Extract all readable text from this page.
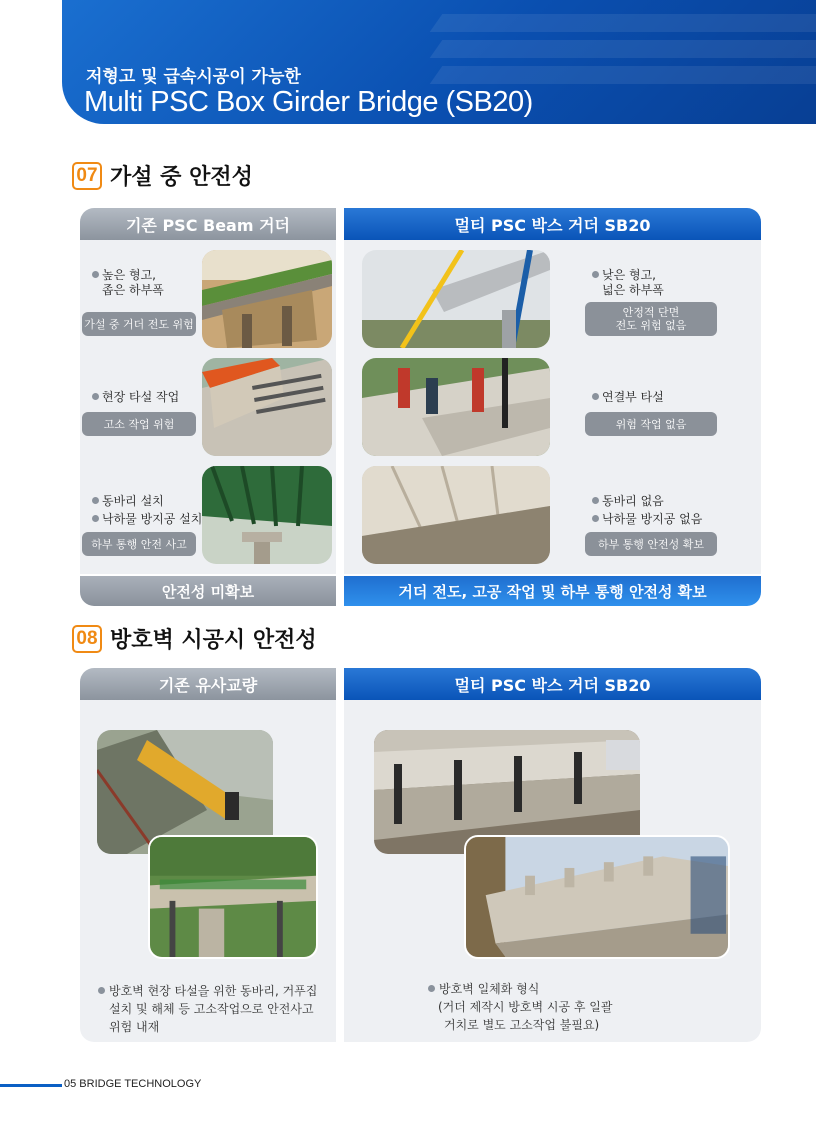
저형고 및 급속시공이 가능한
Multi PSC Box Girder Bridge (SB20)
07 가설 중 안전성
기존 PSC Beam 거더	멀티 PSC 박스 거더 SB20
높은 형고,
좁은 하부폭
가설 중 거더 전도 위험
낮은 형고,
넓은 하부폭
안정적 단면
전도 위험 없음
현장 타설 작업
고소 작업 위험
연결부 타설
위험 작업 없음
동바리 설치
낙하물 방지공 설치
하부 통행 안전 사고
동바리 없음
낙하물 방지공 없음
하부 통행 안전성 확보
안전성 미확보	거더 전도, 고공 작업 및 하부 통행 안전성 확보
08 방호벽 시공시 안전성
기존 유사교량	멀티 PSC 박스 거더 SB20
방호벽 현장 타설을 위한 동바리, 거푸집
설치 및 해체 등 고소작업으로 안전사고
위험 내재
방호벽 일체화 형식
(거더 제작시 방호벽 시공 후 일괄
거치로 별도 고소작업 불필요)
05 BRIDGE TECHNOLOGY
